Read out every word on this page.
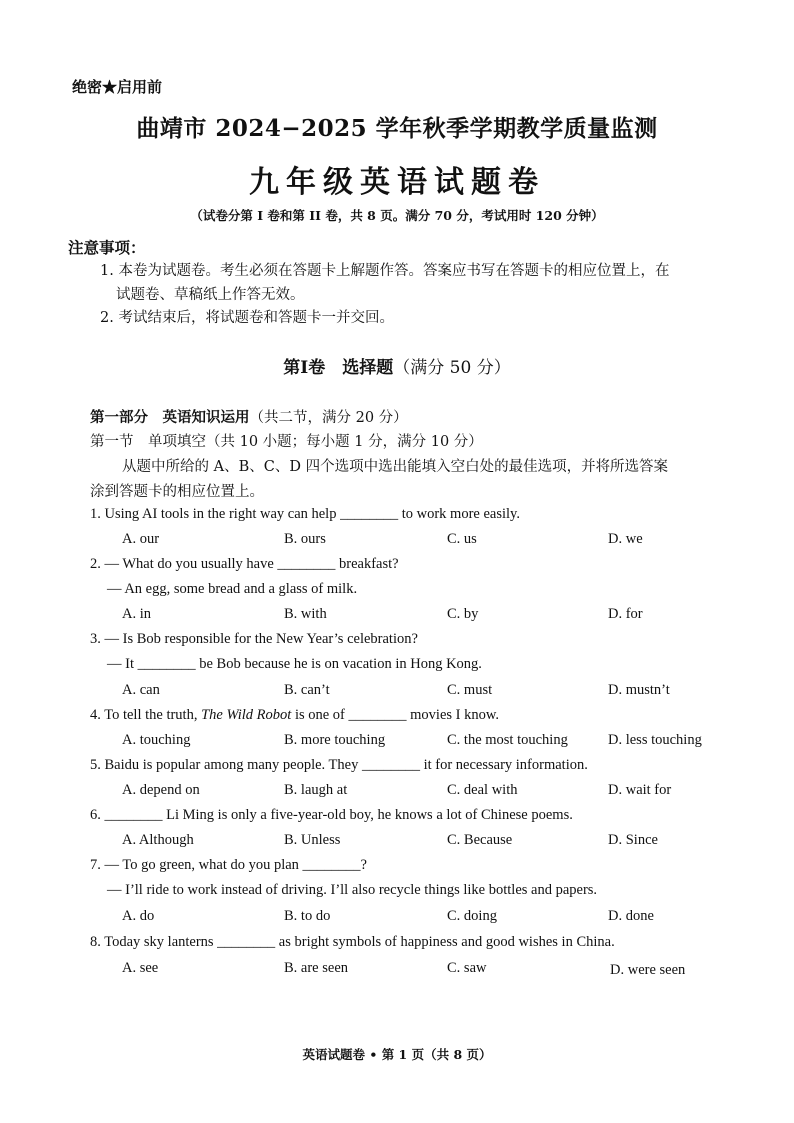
绝密★启用前
曲靖市 2024−2025 学年秋季学期教学质量监测
九年级英语试题卷
（试卷分第 I 卷和第 II 卷，共 8 页。满分 70 分，考试用时 120 分钟）
注意事项：
1. 本卷为试题卷。考生必须在答题卡上解题作答。答案应书写在答题卡的相应位置上，在
试题卷、草稿纸上作答无效。
2. 考试结束后，将试题卷和答题卡一并交回。
第Ⅰ卷　选择题（满分 50 分）
第一部分　英语知识运用（共二节，满分 20 分）
第一节　单项填空（共 10 小题；每小题 1 分，满分 10 分）
从题中所给的 A、B、C、D 四个选项中选出能填入空白处的最佳选项，并将所选答案
涂到答题卡的相应位置上。
1. Using AI tools in the right way can help ________ to work more easily.
A. our	B. ours	C. us	D. we
2. — What do you usually have ________ breakfast?
— An egg, some bread and a glass of milk.
A. in	B. with	C. by	D. for
3. — Is Bob responsible for the New Year’s celebration?
— It ________ be Bob because he is on vacation in Hong Kong.
A. can	B. can’t	C. must	D. mustn’t
4. To tell the truth, The Wild Robot is one of ________ movies I know.
A. touching	B. more touching	C. the most touching	D. less touching
5. Baidu is popular among many people. They ________ it for necessary information.
A. depend on	B. laugh at	C. deal with	D. wait for
6. ________ Li Ming is only a five-year-old boy, he knows a lot of Chinese poems.
A. Although	B. Unless	C. Because	D. Since
7. — To go green, what do you plan ________?
— I’ll ride to work instead of driving. I’ll also recycle things like bottles and papers.
A. do	B. to do	C. doing	D. done
8. Today sky lanterns ________ as bright symbols of happiness and good wishes in China.
A. see	B. are seen	C. saw	D. were seen
英语试题卷 • 第 1 页（共 8 页）
